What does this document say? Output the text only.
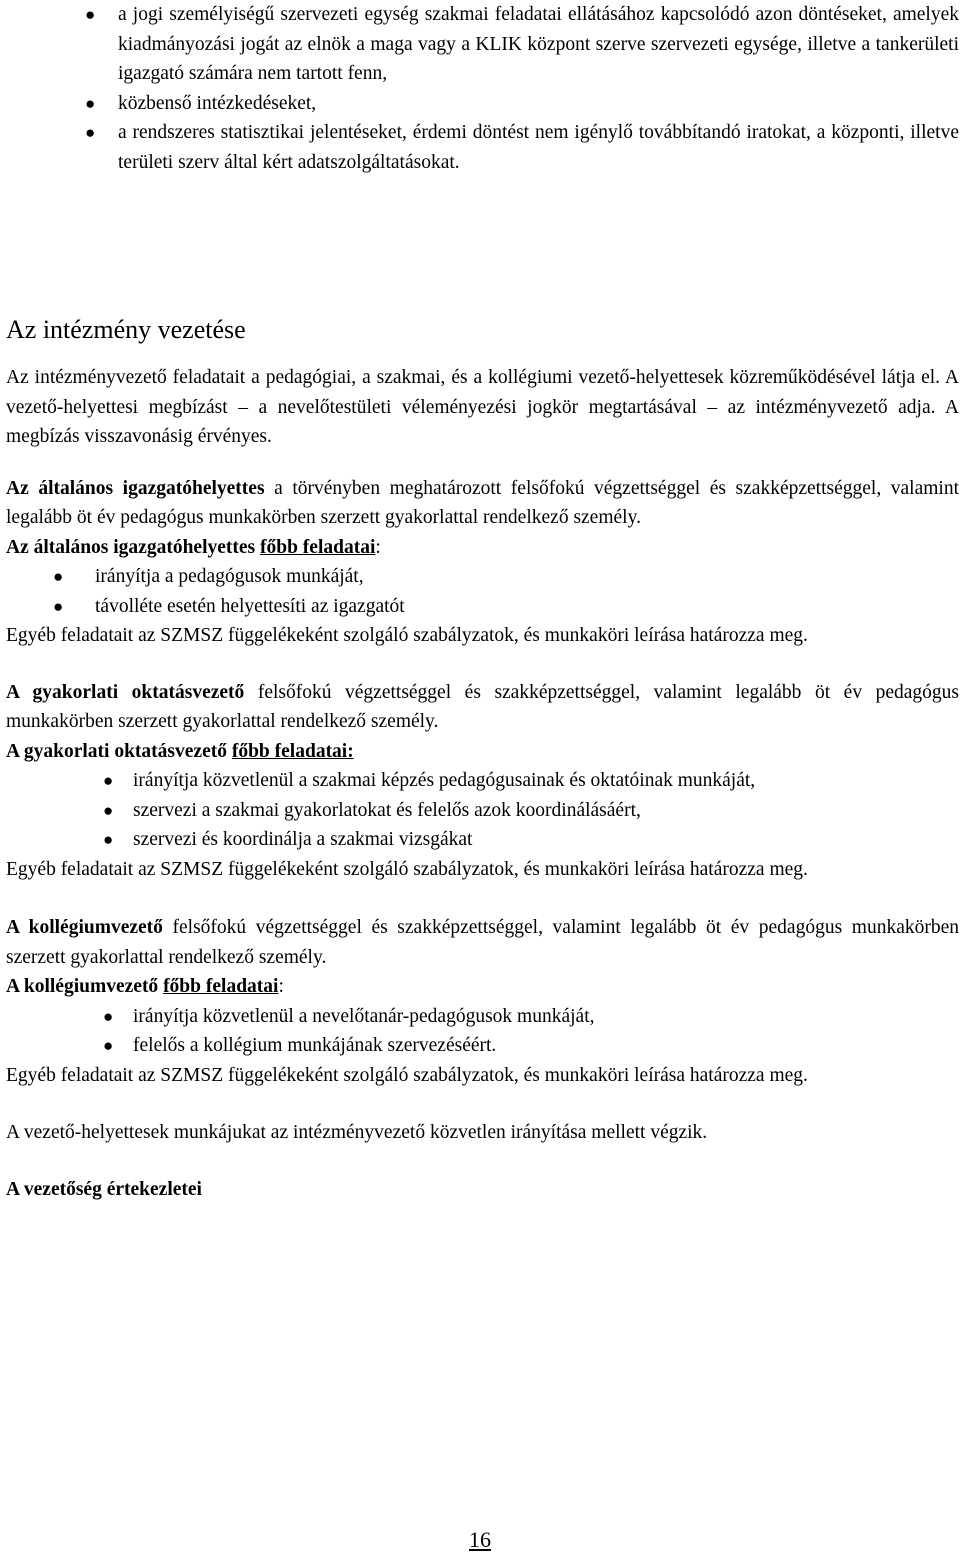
● a jogi személyiségű szervezeti egység szakmai feladatai ellátásához kapcsolódó azon döntéseket, amelyek kiadmányozási jogát az elnök a maga vagy a KLIK központ szerve szervezeti egysége, illetve a tankerületi igazgató számára nem tartott fenn,
● közbenső intézkedéseket,
● a rendszeres statisztikai jelentéseket, érdemi döntést nem igénylő továbbítandó iratokat, a központi, illetve területi szerv által kért adatszolgáltatásokat.
Az intézmény vezetése

Az intézményvezető feladatait a pedagógiai, a szakmai, és a kollégiumi vezető-helyettesek közreműködésével látja el. A vezető-helyettesi megbízást – a nevelőtestületi véleményezési jogkör megtartásával – az intézményvezető adja. A megbízás visszavonásig érvényes.

Az általános igazgatóhelyettes a törvényben meghatározott felsőfokú végzettséggel és szakképzettséggel, valamint legalább öt év pedagógus munkakörben szerzett gyakorlattal rendelkező személy.

Az általános igazgatóhelyettes főbb feladatai:

● irányítja a pedagógusok munkáját,
● távolléte esetén helyettesíti az igazgatót

Egyéb feladatait az SZMSZ függelékeként szolgáló szabályzatok, és munkaköri leírása határozza meg.

A gyakorlati oktatásvezető felsőfokú végzettséggel és szakképzettséggel, valamint legalább öt év pedagógus munkakörben szerzett gyakorlattal rendelkező személy.

A gyakorlati oktatásvezető főbb feladatai:

● irányítja közvetlenül a szakmai képzés pedagógusainak és oktatóinak munkáját,
● szervezi a szakmai gyakorlatokat és felelős azok koordinálásáért,
● szervezi és koordinálja a szakmai vizsgákat

Egyéb feladatait az SZMSZ függelékeként szolgáló szabályzatok, és munkaköri leírása határozza meg.

A kollégiumvezető felsőfokú végzettséggel és szakképzettséggel, valamint legalább öt év pedagógus munkakörben szerzett gyakorlattal rendelkező személy.

A kollégiumvezető főbb feladatai:

● irányítja közvetlenül a nevelőtanár-pedagógusok munkáját,
● felelős a kollégium munkájának szervezéséért.

Egyéb feladatait az SZMSZ függelékeként szolgáló szabályzatok, és munkaköri leírása határozza meg.

A vezető-helyettesek munkájukat az intézményvezető közvetlen irányítása mellett végzik.

A vezetőség értekezletei

16
